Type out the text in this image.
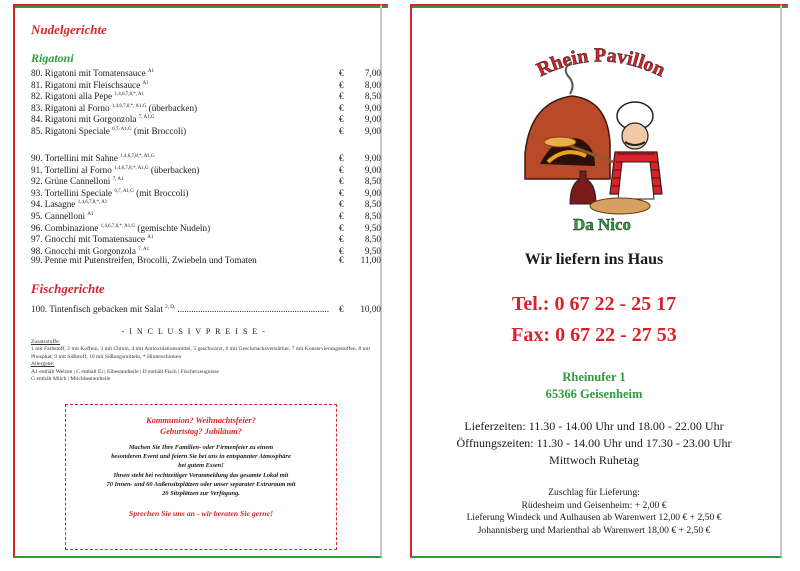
Nudelgerichte
Rigatoni
80. Rigatoni mit Tomatensauce $^{A1}$	€	7,00
81. Rigatoni mit Fleischsauce $^{A1}$	€	8,00
82. Rigatoni alla Pepe $^{1,4,6,7,8,*, A1}$	€	8,50
83. Rigatoni al Forno $^{1,4,6,7,8,*, A1,G}$ (überbacken)	€	9,00
84. Rigatoni mit Gorgonzola $^{7, A1,G}$	€	9,00
85. Rigatoni Speciale $^{6,7, A1,G}$ (mit Broccoli)	€	9,00
90. Tortellini mit Sahne $^{1,4,6,7,8,*, A1,G}$	€	9,00
91. Tortellini al Forno $^{1,4,6,7,8,*, A1,G}$ (überbacken)	€	9,00
92. Grüne Cannelloni $^{7, A1}$	€	8,50
93. Tortellini Speciale $^{6,7, A1,G}$ (mit Broccoli)	€	9,00
94. Lasagne $^{1,4,6,7,8,*, A1}$	€	8,50
95. Cannelloni $^{A1}$	€	8,50
96. Combinazione $^{1,4,6,7,8,*, A1,G}$ (gemischte Nudeln)	€	9,50
97. Gnocchi mit Tomatensauce $^{A1}$	€	8,50
98. Gnocchi mit Gorgonzola $^{7, A1}$	€	9,50
99. Penne mit Putenstreifen, Brocolli, Zwiebeln und Tomaten	€	11,00
Fischgerichte
100. Tintenfisch gebacken mit Salat $^{2, D,}$ ..................................................................	€	10,00
- I N C L U S I V P R E I S E -
Zusatzstoffe:
1 mit Farbstoff, 2 mit Koffein, 3 mit Chinin, 4 mit Antioxidationsmittel, 5 geschwärzt, 6 mit Geschmacksverstärker, 7 mit Konservierungsstoffen, 8 mit Phosphat, 9 mit Süßstoff, 10 mit Süßungsmitteln, * Hinterschinken
Allergene:
A1 enthält Weizen | C enthält Ei | Eibestandteile | D enthält Fisch | Fischerzeugnisse
G enthält Milch | Milchbestandteile
Kommunion? Weihnachtsfeier?
Geburtstag? Jubiläum?
Machen Sie Ihre Familien- oder Firmenfeier zu einem
besonderen Event und feiern Sie bei uns in entspannter Atmosphäre
bei gutem Essen!
Ihnen steht bei rechtzeitiger Voranmeldung das gesamte Lokal mit
70 Innen- und 60 Außensitzplätzen oder unser separater Extraraum mit
20 Sitzplätzen zur Verfügung.
Sprechen Sie uns an - wir beraten Sie gerne!
Rhein Pavillon
Da Nico
Wir liefern ins Haus
Tel.: 0 67 22 - 25 17
Fax: 0 67 22 - 27 53
Rheinufer 1
65366 Geisenheim
Lieferzeiten: 11.30 - 14.00 Uhr und 18.00 - 22.00 Uhr
Öffnungszeiten: 11.30 - 14.00 Uhr und 17.30 - 23.00 Uhr
Mittwoch Ruhetag
Zuschlag für Lieferung:
Rüdesheim und Geisenheim: + 2,00 €
Lieferung Windeck und Aulhausen ab Warenwert 12,00 € + 2,50 €
Johannisberg und Marienthal ab Warenwert 18,00 € + 2,50 €
